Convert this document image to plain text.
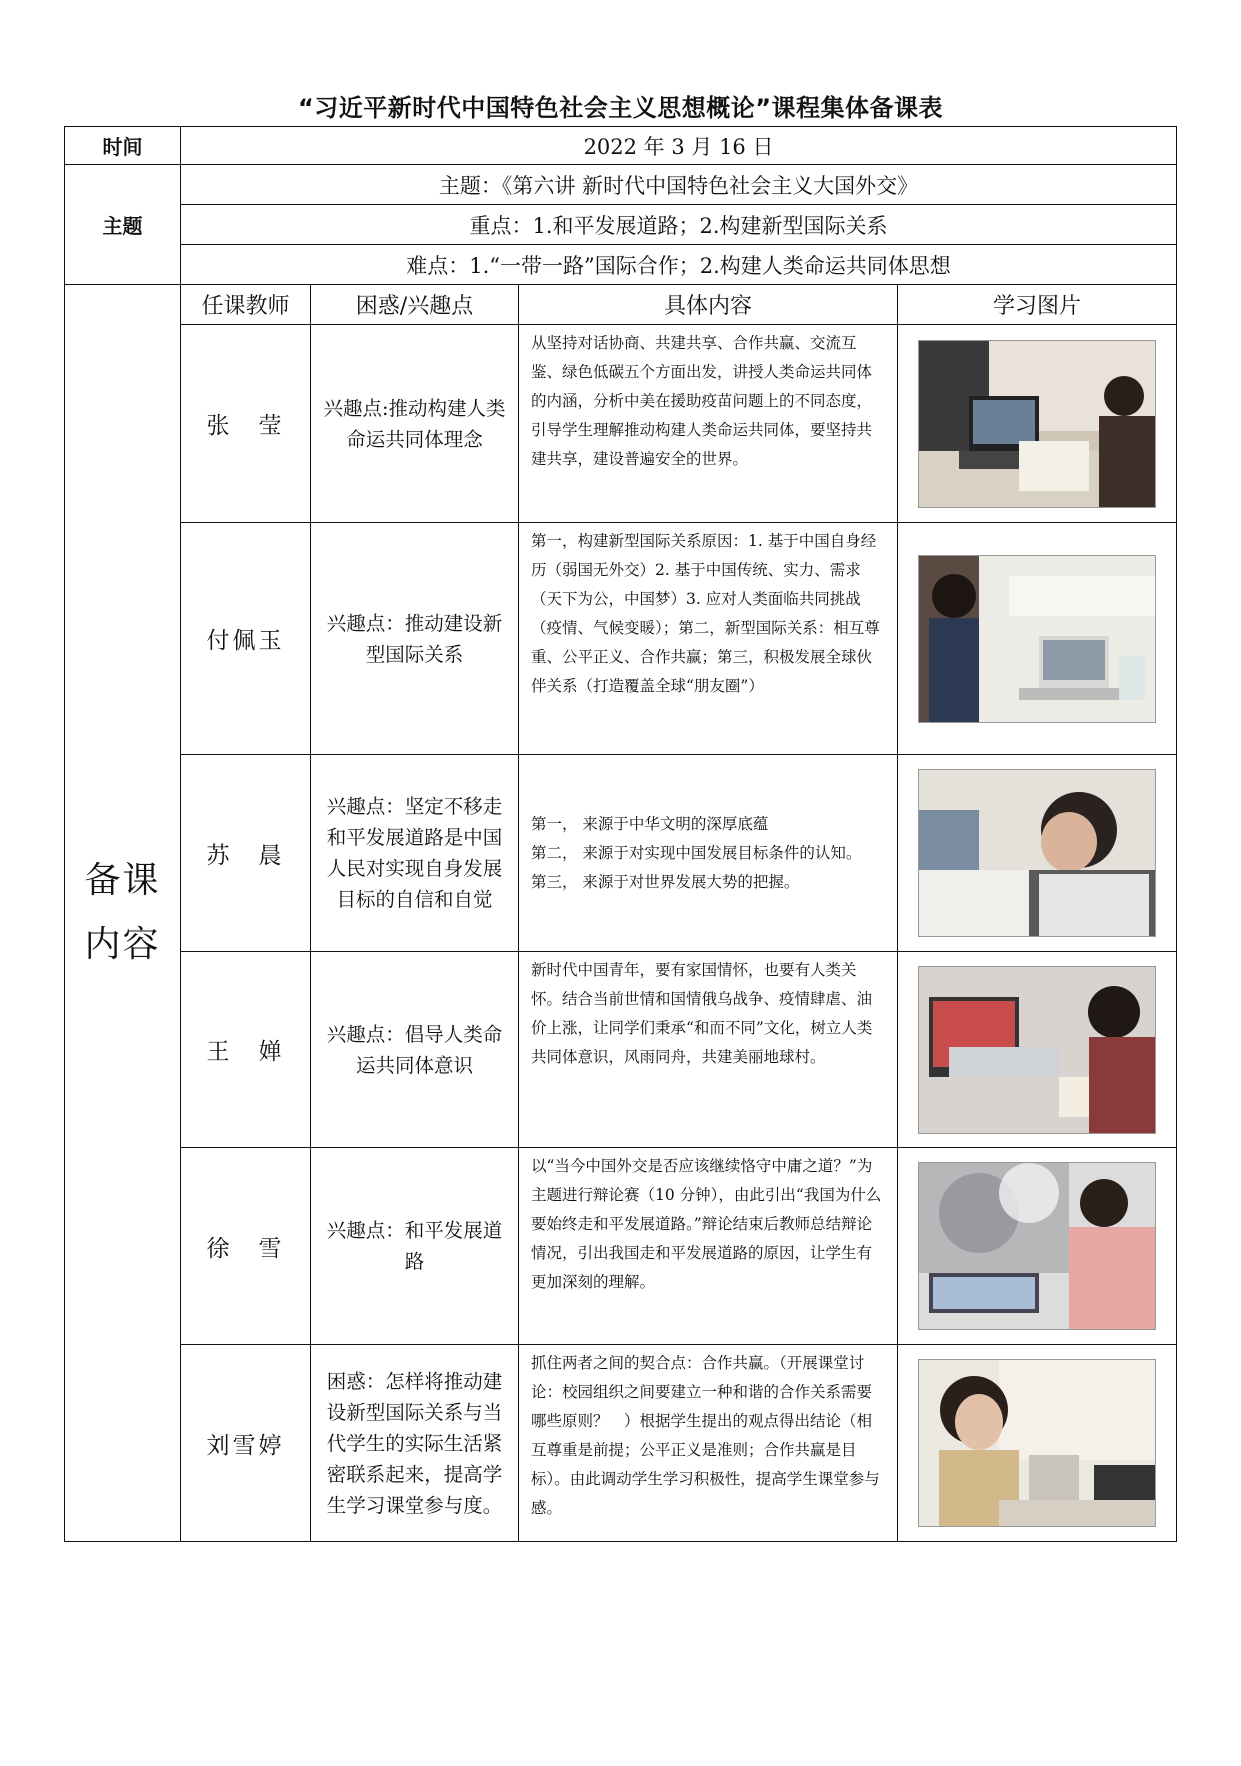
“习近平新时代中国特色社会主义思想概论”课程集体备课表
时间	2022 年 3 月 16 日			
主题	主题：《第六讲 新时代中国特色社会主义大国外交》			
	重点：1.和平发展道路；2.构建新型国际关系			
	难点：1.“一带一路”国际合作；2.构建人类命运共同体思想			

备课
内容	任课教师	困惑/兴趣点	具体内容	学习图片
	张　莹	兴趣点:推动构建人类命运共同体理念	从坚持对话协商、共建共享、合作共赢、交流互鉴、绿色低碳五个方面出发，讲授人类命运共同体的内涵，分析中美在援助疫苗问题上的不同态度，引导学生理解推动构建人类命运共同体，要坚持共建共享，建设普遍安全的世界。	

	付佩玉	兴趣点：推动建设新型国际关系	第一，构建新型国际关系原因：1. 基于中国自身经历（弱国无外交）2. 基于中国传统、实力、需求（天下为公，中国梦）3. 应对人类面临共同挑战（疫情、气候变暖）；第二，新型国际关系：相互尊重、公平正义、合作共赢；第三，积极发展全球伙伴关系（打造覆盖全球“朋友圈”）	

	苏　晨	兴趣点：坚定不移走和平发展道路是中国人民对实现自身发展目标的自信和自觉	第一， 来源于中华文明的深厚底蕴
第二， 来源于对实现中国发展目标条件的认知。
第三， 来源于对世界发展大势的把握。	

	王　婵	兴趣点：倡导人类命运共同体意识	新时代中国青年，要有家国情怀，也要有人类关怀。结合当前世情和国情俄乌战争、疫情肆虐、油价上涨，让同学们秉承“和而不同”文化，树立人类共同体意识，风雨同舟，共建美丽地球村。	

	徐　雪	兴趣点：和平发展道路	以“当今中国外交是否应该继续恪守中庸之道？”为主题进行辩论赛（10 分钟），由此引出“我国为什么要始终走和平发展道路。”辩论结束后教师总结辩论情况，引出我国走和平发展道路的原因，让学生有更加深刻的理解。	

	刘雪婷	困惑：怎样将推动建设新型国际关系与当代学生的实际生活紧密联系起来，提高学生学习课堂参与度。	抓住两者之间的契合点：合作共赢。（开展课堂讨论：校园组织之间要建立一种和谐的合作关系需要哪些原则？　）根据学生提出的观点得出结论（相互尊重是前提；公平正义是准则；合作共赢是目标）。由此调动学生学习积极性，提高学生课堂参与感。	
